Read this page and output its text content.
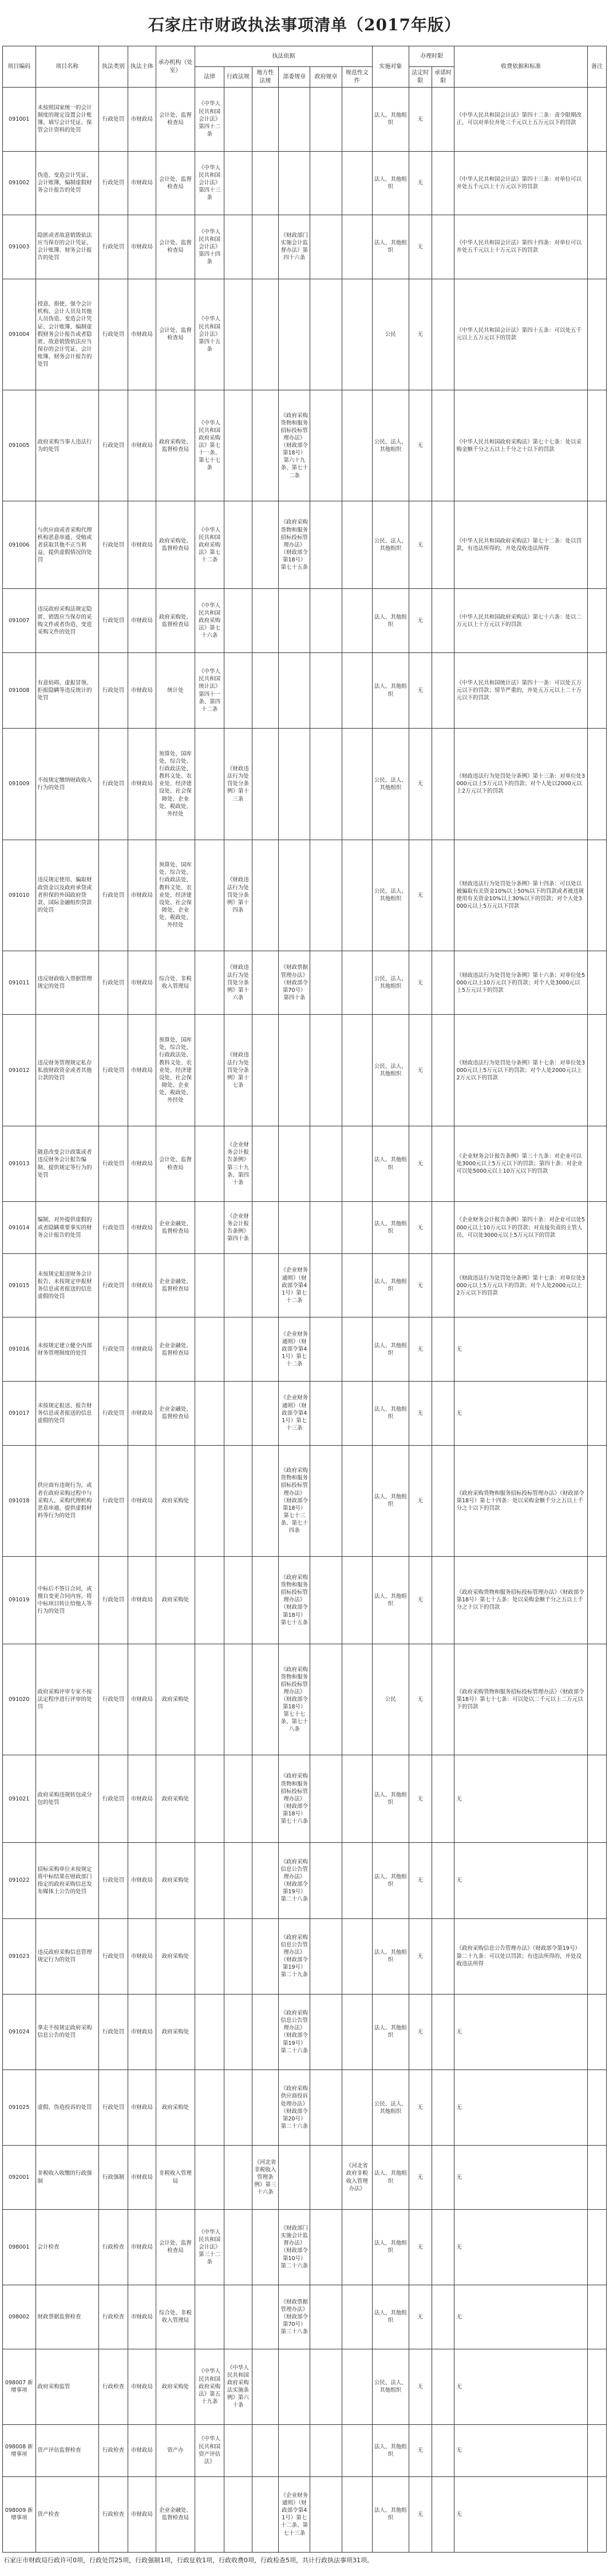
石家庄市财政执法事项清单（2017年版）
项目编码	项目名称	执法类别	执法主体	承办机构（处室）	执法依据						实施对象	办理时限		收费依据和标准	备注
					法律	行政法规	地方性法规	部委规章	政府规章	规范性文件		法定时限	承诺时限		
091001	未按照国家统一的会计制度的规定设置会计账簿、填写会计凭证、保管会计资料的处罚	行政处罚	市财政局	会计处、监督检查局	《中华人民共和国会计法》第四十二条						法人、其他组织	无		《中华人民共和国会计法》第四十二条：责令限期改正，可以对单位并处三千元以上五万元以下的罚款	
091002	伪造、变造会计凭证、会计账簿，编制虚假财务会计报告的处罚	行政处罚	市财政局	会计处、监督检查局	《中华人民共和国会计法》第四十三条						法人、其他组织	无		《中华人民共和国会计法》第四十三条：对单位可以并处五千元以上十万元以下的罚款	
091003	隐匿或者故意销毁依法应当保存的会计凭证、会计账簿、财务会计报告的处罚	行政处罚	市财政局	会计处、监督检查局	《中华人民共和国会计法》第四十四条			《财政部门实施会计监督办法》第四十六条			法人、其他组织	无		《中华人民共和国会计法》第四十四条：对单位可以并处五千元以上十万元以下的罚款	
091004	授意、指使、强令会计机构、会计人员及其他人员伪造、变造会计凭证、会计账簿，编制虚假财务会计报告或者隐匿、故意销毁依法应当保存的会计凭证、会计账簿、财务会计报告的处罚	行政处罚	市财政局	会计处、监督检查局	《中华人民共和国会计法》第四十五条						公民	无		《中华人民共和国会计法》第四十五条：可以处五千元以上五万元以下的罚款	
091005	政府采购当事人违法行为的处罚	行政处罚	市财政局	政府采购处、监督检查局	《中华人民共和国政府采购法》第七十一条、第七十七条			《政府采购货物和服务招标投标管理办法》（财政部令第18号）第六十九条、第七十二条			公民、法人、其他组织	无		《中华人民共和国政府采购法》第七十七条：处以采购金额千分之五以上千分之十以下的罚款	
091006	与供应商或者采购代理机构恶意串通、受贿或者获取其他不正当利益、提供虚假情况的处罚	行政处罚	市财政局	政府采购处、监督检查局	《中华人民共和国政府采购法》第七十二条			《政府采购货物和服务招标投标管理办法》（财政部令第18号）第七十五条			公民、法人、其他组织	无		《中华人民共和国政府采购法》第七十二条：处以罚款，有违法所得的，并处没收违法所得	
091007	违反政府采购法规定隐匿、销毁应当保存的采购文件或者伪造、变造采购文件的处罚	行政处罚	市财政局	政府采购处、监督检查局	《中华人民共和国政府采购法》第七十六条						法人、其他组织	无		《中华人民共和国政府采购法》第七十六条：处以二万元以上十万元以下的罚款	
091008	有意妨碍、虚报冒领、拒报隐瞒等违反统计的处罚	行政处罚	市财政局	统计处	《中华人民共和国统计法》第四十一条、第四十二条						法人、其他组织	无		《中华人民共和国统计法》第四十一条：可以处五万元以下的罚款；情节严重的，并处五万元以上二十万元以下的罚款	
091009	不按规定缴纳财政收入行为的处罚	行政处罚	市财政局	预算处、国库处、综合处、行政政法处、教科文处、农业处、经济建设处、社会保障处、企业处、税政处、外经处		《财政违法行为处罚处分条例》第十三条					公民、法人、其他组织	无		《财政违法行为处罚处分条例》第十三条：对单位处3000元以上5万元以下的罚款；对个人处以2000元以上2万元以下的罚款	
091010	违反规定使用、骗取财政资金以及政府承贷或者担保的外国政府贷款、国际金融组织贷款的处罚	行政处罚	市财政局	预算处、国库处、综合处、行政政法处、教科文处、农业处、经济建设处、社会保障处、企业处、税政处、外经处		《财政违法行为处罚处分条例》第十四条					公民、法人、其他组织	无		《财政违法行为处罚处分条例》第十四条：可以处以被骗取有关资金10%以上50%以下的罚款或者被违规使用有关资金10%以上30%以下的罚款；对个人处3000元以上5万元以下罚款	
091011	违反财政收入票据管理规定的处罚	行政处罚	市财政局	综合处、非税收入管理局		《财政违法行为处罚处分条例》第十六条		《财政票据管理办法》（财政部令第70号）第四十条			公民、法人、其他组织	无		《财政违法行为处罚处分条例》第十六条：对单位处5000元以上10万元以下的罚款；对个人处3000元以上5万元以下的罚款	
091012	违反财务管理规定私存私放财政资金或者其他公款的处罚	行政处罚	市财政局	预算处、国库处、综合处、行政政法处、教科文处、农业处、经济建设处、社会保障处、企业处、税政处、外经处		《财政违法行为处罚处分条例》第十七条					公民、法人、其他组织	无		《财政违法行为处罚处分条例》第十七条：对单位处3000元以上5万元以下的罚款；对个人处2000元以上2万元以下的罚款	
091013	随意改变会计政策或者违反财务会计报告编制、提供规定等行为的处罚	行政处罚	市财政局	会计处、监督检查局		《企业财务会计报告条例》第三十九条、第四十条					法人、其他组织	无		《企业财务会计报告条例》第三十九条：对企业可以处3000元以上5万元以下的罚款；第四十条：对企业可以处5000元以上10万元以下的罚款	
091014	编制、对外提供虚假的或者隐瞒重要事实的财务会计报告的处罚	行政处罚	市财政局	企业金融处、监督检查局		《企业财务会计报告条例》第四十条					法人、其他组织	无		《企业财务会计报告条例》第四十条：对企业可以处5000元以上10万元以下的罚款；对直接负责的主管人员，可以处3000元以上5万元以下的罚款	
091015	未按规定报送财务会计报告、未按规定申报财务信息或者报送的信息虚假的处罚	行政处罚	市财政局	企业金融处、监督检查局				《企业财务通则》（财政部令第41号）第七十二条			法人、其他组织	无		《财政违法行为处罚处分条例》第十七条：对单位处3000元以上5万元以下的罚款；对个人处2000元以上2万元以下的罚款	
091016	未按规定建立健全内部财务管理制度的处罚	行政处罚	市财政局	企业金融处、监督检查局				《企业财务通则》（财政部令第41号）第七十二条			法人、其他组织	无		无	
091017	未按规定报送、报告财务信息或者报送的信息虚假的处罚	行政处罚	市财政局	企业金融处、监督检查局				《企业财务通则》（财政部令第41号）第七十三条			法人、其他组织	无		无	
091018	供应商有违规行为，或者在政府采购过程中与采购人、采购代理机构恶意串通，提供虚假材料等行为的处罚	行政处罚	市财政局	政府采购处				《政府采购货物和服务招标投标管理办法》（财政部令第18号）第七十三条、第七十四条			法人、其他组织	无		《政府采购货物和服务招标投标管理办法》（财政部令第18号）第七十四条：处以采购金额千分之五以上千分之十以下的罚款	
091019	中标后不签订合同，或擅自变更合同内容，将中标项目转让给他人等行为的处罚	行政处罚	市财政局	政府采购处				《政府采购货物和服务招标投标管理办法》（财政部令第18号）第七十五条			法人、其他组织	无		《政府采购货物和服务招标投标管理办法》（财政部令第18号）第七十五条：处以采购金额千分之五以上千分之十以下的罚款	
091020	政府采购评审专家不按法定程序进行评审的处罚	行政处罚	市财政局	政府采购处				《政府采购货物和服务招标投标管理办法》（财政部令第18号）第七十七条、第七十八条			公民	无		《政府采购货物和服务招标投标管理办法》（财政部令第18号）第七十七条：可以处以二千元以上二万元以下的罚款	
091021	政府采购违规转包或分包的处罚	行政处罚	市财政局	政府采购处				《政府采购货物和服务招标投标管理办法》（财政部令第18号）第七十六条			法人、其他组织	无		无	
091022	招标采购单位未按规定将中标结果在财政部门指定的政府采购信息发布媒体上公告的处罚	行政处罚	市财政局	政府采购处				《政府采购信息公告管理办法》（财政部令第19号）第二十八条			法人、其他组织	无		无	
091023	违反政府采购信息管理规定行为的处罚	行政处罚	市财政局	政府采购处				《政府采购信息公告管理办法》（财政部令第19号）第二十九条			法人、其他组织	无		《政府采购信息公告管理办法》（财政部令第19号）第二十九条：可以处以罚款；有违法所得的，并处没收违法所得	
091024	拿走不按规定政府采购信息公告的处罚	行政处罚	市财政局	政府采购处				《政府采购信息公告管理办法》（财政部令第19号）第二十六条			法人、其他组织	无		无	
091025	虚假、伪造投诉的处罚	行政处罚	市财政局	政府采购处				《政府采购供应商投诉处理办法》（财政部令第20号）第二十六条			公民、法人、其他组织	无		无	
092001	非税收入收缴的行政强制	行政强制	市财政局	非税收入管理局			《河北省非税收入管理条例》第三十六条			《河北省政府非税收入管理办法》	法人、其他组织	无		无	
098001	会计检查	行政检查	市财政局	会计处、监督检查局	《中华人民共和国会计法》第三十二条			《财政部门实施会计监督办法》（财政部令第10号）第二十六条			法人、其他组织	无		无	
098002	财政票据监督检查	行政检查	市财政局	综合处、非税收入管理局				《财政票据管理办法》（财政部令第70号）第三十八条			法人、其他组织	无		无	
098007 新增事项	政府采购监管	行政检查	市财政局	政府采购处	《中华人民共和国政府采购法》第五十九条	《中华人民共和国政府采购法实施条例》第六十条					公民、法人、其他组织	无		无	
098008 新增事项	资产评估监督检查	行政检查	市财政局	资产办	《中华人民共和国资产评估法》						法人、其他组织	无		无	
098009 新增事项	资产检查	行政检查	市财政局	企业金融处、监督检查局				《企业财务通则》（财政部令第41号）第七十二条、第七十三条			法人、其他组织	无		无	
石家庄市财政局行政许可0项，行政处罚25项，行政强制1项，行政征收1项，行政收费0项，行政检查5项，共计行政执法事项31项。
